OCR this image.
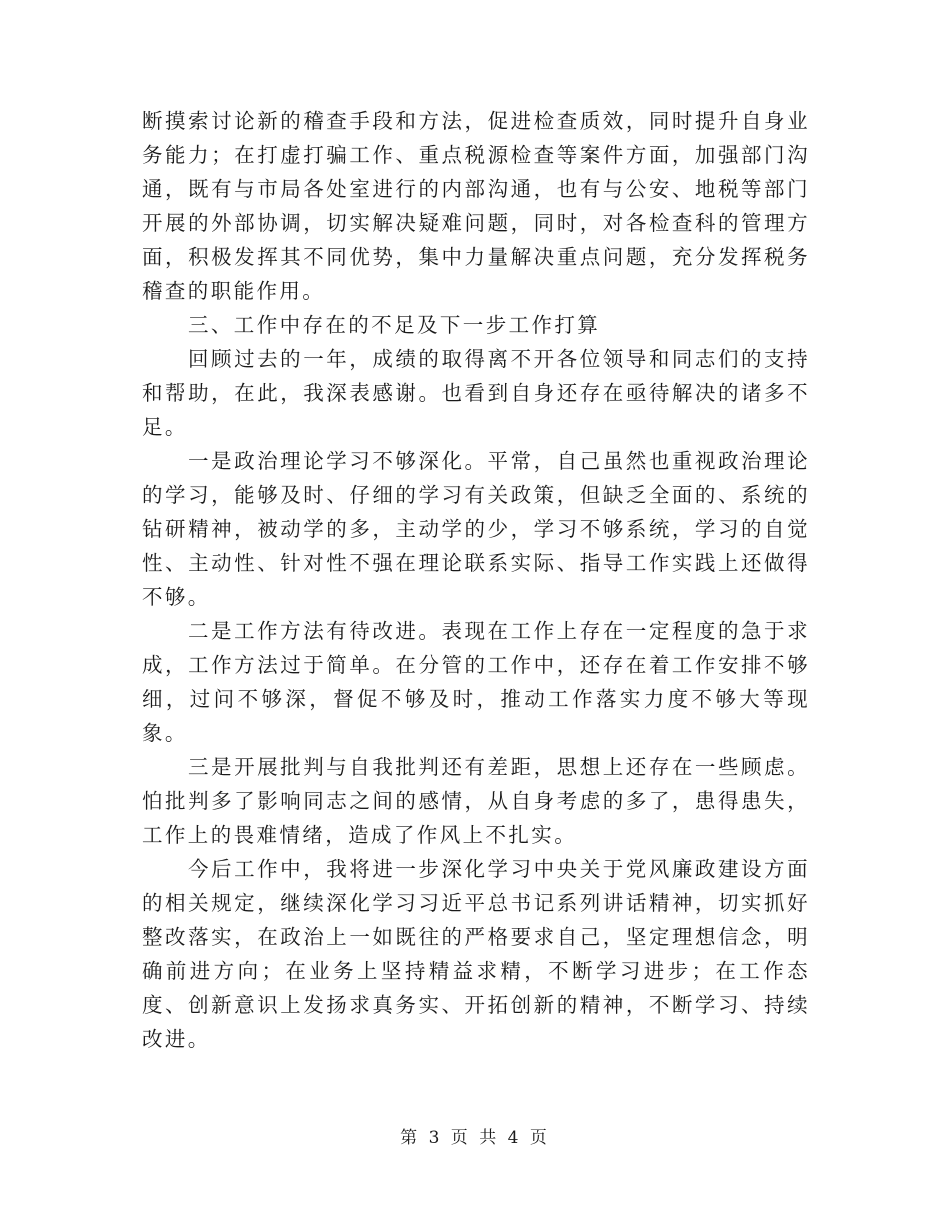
断摸索讨论新的稽查手段和方法，促进检查质效，同时提升自身业务能力；在打虚打骗工作、重点税源检查等案件方面，加强部门沟通，既有与市局各处室进行的内部沟通，也有与公安、地税等部门开展的外部协调，切实解决疑难问题，同时，对各检查科的管理方面，积极发挥其不同优势，集中力量解决重点问题，充分发挥税务稽查的职能作用。

三、工作中存在的不足及下一步工作打算

回顾过去的一年，成绩的取得离不开各位领导和同志们的支持和帮助，在此，我深表感谢。也看到自身还存在亟待解决的诸多不足。

一是政治理论学习不够深化。平常，自己虽然也重视政治理论的学习，能够及时、仔细的学习有关政策，但缺乏全面的、系统的钻研精神，被动学的多，主动学的少，学习不够系统，学习的自觉性、主动性、针对性不强在理论联系实际、指导工作实践上还做得不够。

二是工作方法有待改进。表现在工作上存在一定程度的急于求成，工作方法过于简单。在分管的工作中，还存在着工作安排不够细，过问不够深，督促不够及时，推动工作落实力度不够大等现象。

三是开展批判与自我批判还有差距，思想上还存在一些顾虑。怕批判多了影响同志之间的感情，从自身考虑的多了，患得患失，工作上的畏难情绪，造成了作风上不扎实。

今后工作中，我将进一步深化学习中央关于党风廉政建设方面的相关规定，继续深化学习习近平总书记系列讲话精神，切实抓好整改落实，在政治上一如既往的严格要求自己，坚定理想信念，明确前进方向；在业务上坚持精益求精，不断学习进步；在工作态度、创新意识上发扬求真务实、开拓创新的精神，不断学习、持续改进。

第 3 页 共 4 页
